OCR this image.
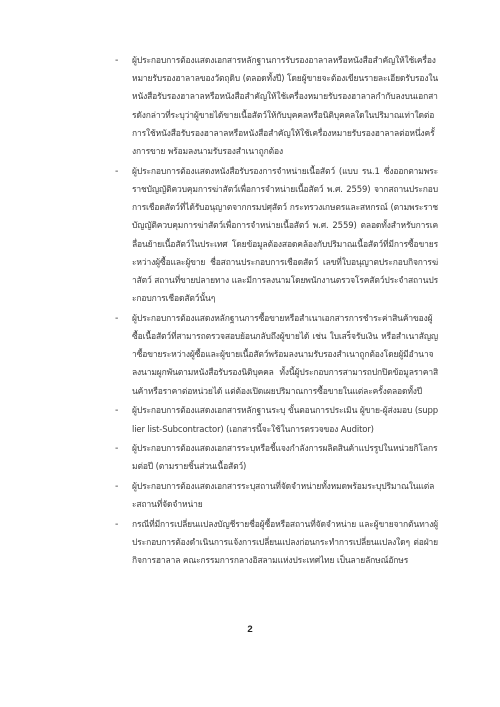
- ผู้ประกอบการต้องแสดงเอกสารหลักฐานการรับรองอาลาลหรือหนังสือสำคัญให้ใช้เครื่องหมายรับรองฮาลาลของวัตถุดิบ (ตลอดทั้งปี) โดยผู้ขายจะต้องเขียนรายละเอียดรับรองในหนังสือรับรองฮาลาลหรือหนังสือสำคัญให้ใช้เครื่องหมายรับรองฮาลาลกำกับลงบนเอกสารดังกล่าวที่ระบุว่าผู้ขายได้ขายเนื้อสัตว์ให้กับบุคคลหรือนิติบุคคลใดในปริมาณเท่าใดต่อการใช้หนังสือรับรองฮาลาลหรือหนังสือสำคัญให้ใช้เครื่องหมายรับรองฮาลาลต่อหนึ่งครั้งการขาย พร้อมลงนามรับรองสำเนาถูกต้อง
- ผู้ประกอบการต้องแสดงหนังสือรับรองการจำหน่ายเนื้อสัตว์ (แบบ รน.1 ซึ่งออกตามพระราชบัญญัติควบคุมการฆ่าสัตว์เพื่อการจำหน่ายเนื้อสัตว์ พ.ศ. 2559) จากสถานประกอบการเชือดสัตว์ที่ได้รับอนุญาตจากกรมปศุสัตว์ กระทรวงเกษตรและสหกรณ์ (ตามพระราชบัญญัติควบคุมการฆ่าสัตว์เพื่อการจำหน่ายเนื้อสัตว์ พ.ศ. 2559) ตลอดทั้งสำหรับการเคลื่อนย้ายเนื้อสัตว์ในประเทศ โดยข้อมูลต้องสอดคล้องกับปริมาณเนื้อสัตว์ที่มีการซื้อขายระหว่างผู้ซื้อและผู้ขาย ชื่อสถานประกอบการเชือดสัตว์ เลขที่ใบอนุญาตประกอบกิจการฆ่าสัตว์ สถานที่ขายปลายทาง และมีการลงนามโดยพนักงานตรวจโรคสัตว์ประจำสถานประกอบการเชือดสัตว์นั้นๆ
- ผู้ประกอบการต้องแสดงหลักฐานการซื้อขายหรือสำเนาเอกสารการชำระค่าสินค้าของผู้ซื้อเนื้อสัตว์ที่สามารถตรวจสอบย้อนกลับถึงผู้ขายได้ เช่น ใบเสร็จรับเงิน หรือสำเนาสัญญาซื้อขายระหว่างผู้ซื้อและผู้ขายเนื้อสัตว์พร้อมลงนามรับรองสำเนาถูกต้องโดยผู้มีอำนาจลงนามผูกพันตามหนังสือรับรองนิติบุคคล ทั้งนี้ผู้ประกอบการสามารถปกปิดข้อมูลราคาสินค้าหรือราคาต่อหน่วยได้ แต่ต้องเปิดเผยปริมาณการซื้อขายในแต่ละครั้งตลอดทั้งปี
- ผู้ประกอบการต้องแสดงเอกสารหลักฐานระบุ ขั้นตอนการประเมิน ผู้ขาย-ผู้ส่งมอบ (supplier list-Subcontractor) (เอกสารนี้จะใช้ในการตรวจของ Auditor)
- ผู้ประกอบการต้องแสดงเอกสารระบุหรือชี้แจงกำลังการผลิตสินค้าแปรรูปในหน่วยกิโลกรมต่อปี (ตามรายชิ้นส่วนเนื้อสัตว์)
- ผู้ประกอบการต้องแสดงเอกสารระบุสถานที่จัดจำหน่ายทั้งหมดพร้อมระบุปริมาณในแต่ละสถานที่จัดจำหน่าย
- กรณีที่มีการเปลี่ยนแปลงบัญชีรายชื่อผู้ซื้อหรือสถานที่จัดจำหน่าย และผู้ขายจากต้นทางผู้ประกอบการต้องดำเนินการแจ้งการเปลี่ยนแปลงก่อนกระทำการเปลี่ยนแปลงใดๆ ต่อฝ่ายกิจการฮาลาล คณะกรรมการกลางอิสลามแห่งประเทศไทย เป็นลายลักษณ์อักษร
2
